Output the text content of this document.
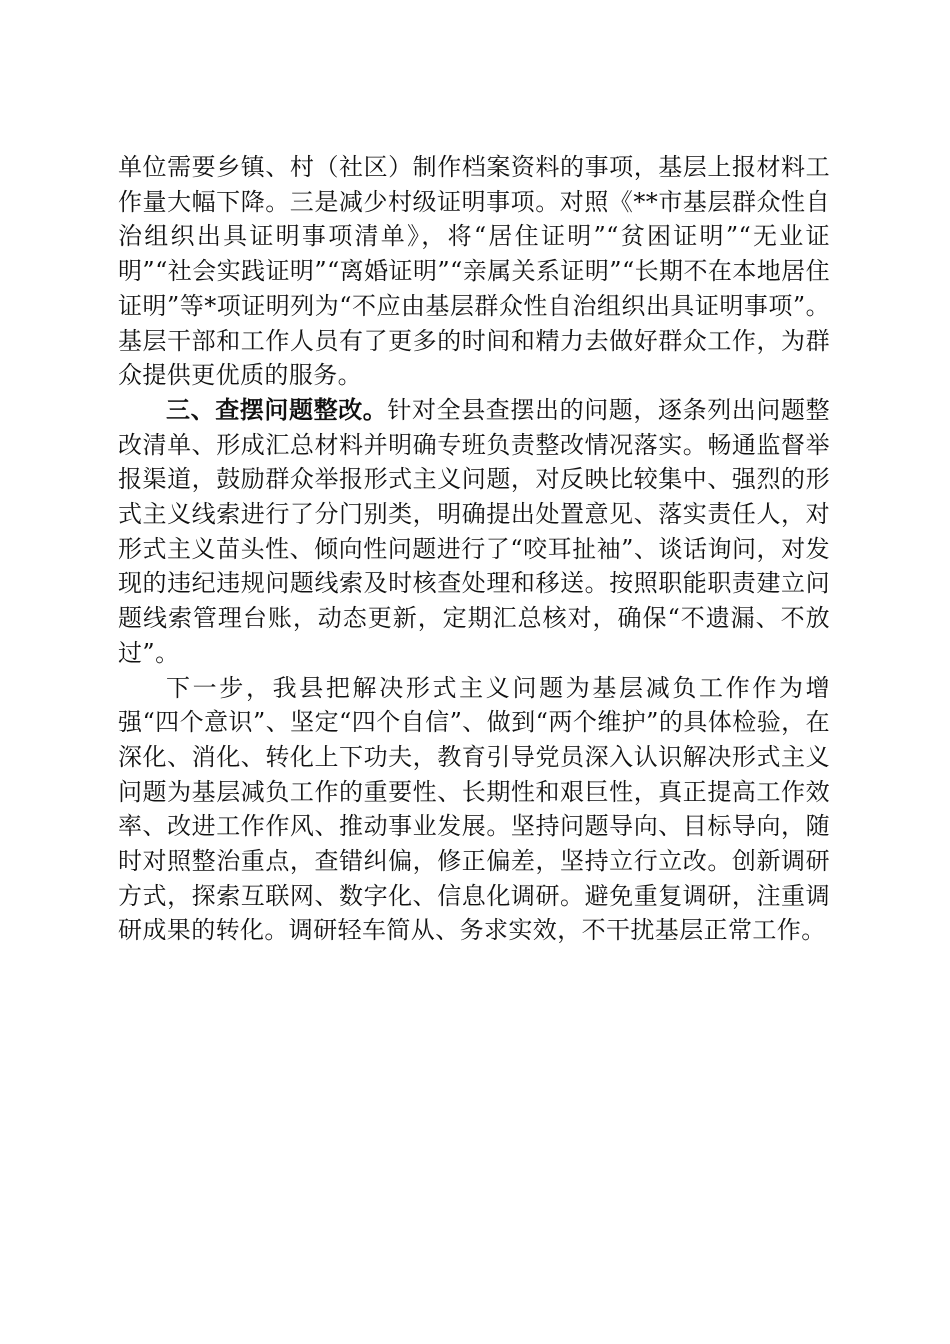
单位需要乡镇、村（社区）制作档案资料的事项，基层上报材料工作量大幅下降。三是减少村级证明事项。对照《**市基层群众性自治组织出具证明事项清单》，将“居住证明”“贫困证明”“无业证明”“社会实践证明”“离婚证明”“亲属关系证明”“长期不在本地居住证明”等*项证明列为“不应由基层群众性自治组织出具证明事项”。基层干部和工作人员有了更多的时间和精力去做好群众工作，为群众提供更优质的服务。

三、查摆问题整改。针对全县查摆出的问题，逐条列出问题整改清单、形成汇总材料并明确专班负责整改情况落实。畅通监督举报渠道，鼓励群众举报形式主义问题，对反映比较集中、强烈的形式主义线索进行了分门别类，明确提出处置意见、落实责任人，对形式主义苗头性、倾向性问题进行了“咬耳扯袖”、谈话询问，对发现的违纪违规问题线索及时核查处理和移送。按照职能职责建立问题线索管理台账，动态更新，定期汇总核对，确保“不遗漏、不放过”。

下一步，我县把解决形式主义问题为基层减负工作作为增强“四个意识”、坚定“四个自信”、做到“两个维护”的具体检验，在深化、消化、转化上下功夫，教育引导党员深入认识解决形式主义问题为基层减负工作的重要性、长期性和艰巨性，真正提高工作效率、改进工作作风、推动事业发展。坚持问题导向、目标导向，随时对照整治重点，查错纠偏，修正偏差，坚持立行立改。创新调研方式，探索互联网、数字化、信息化调研。避免重复调研，注重调研成果的转化。调研轻车简从、务求实效，不干扰基层正常工作。
